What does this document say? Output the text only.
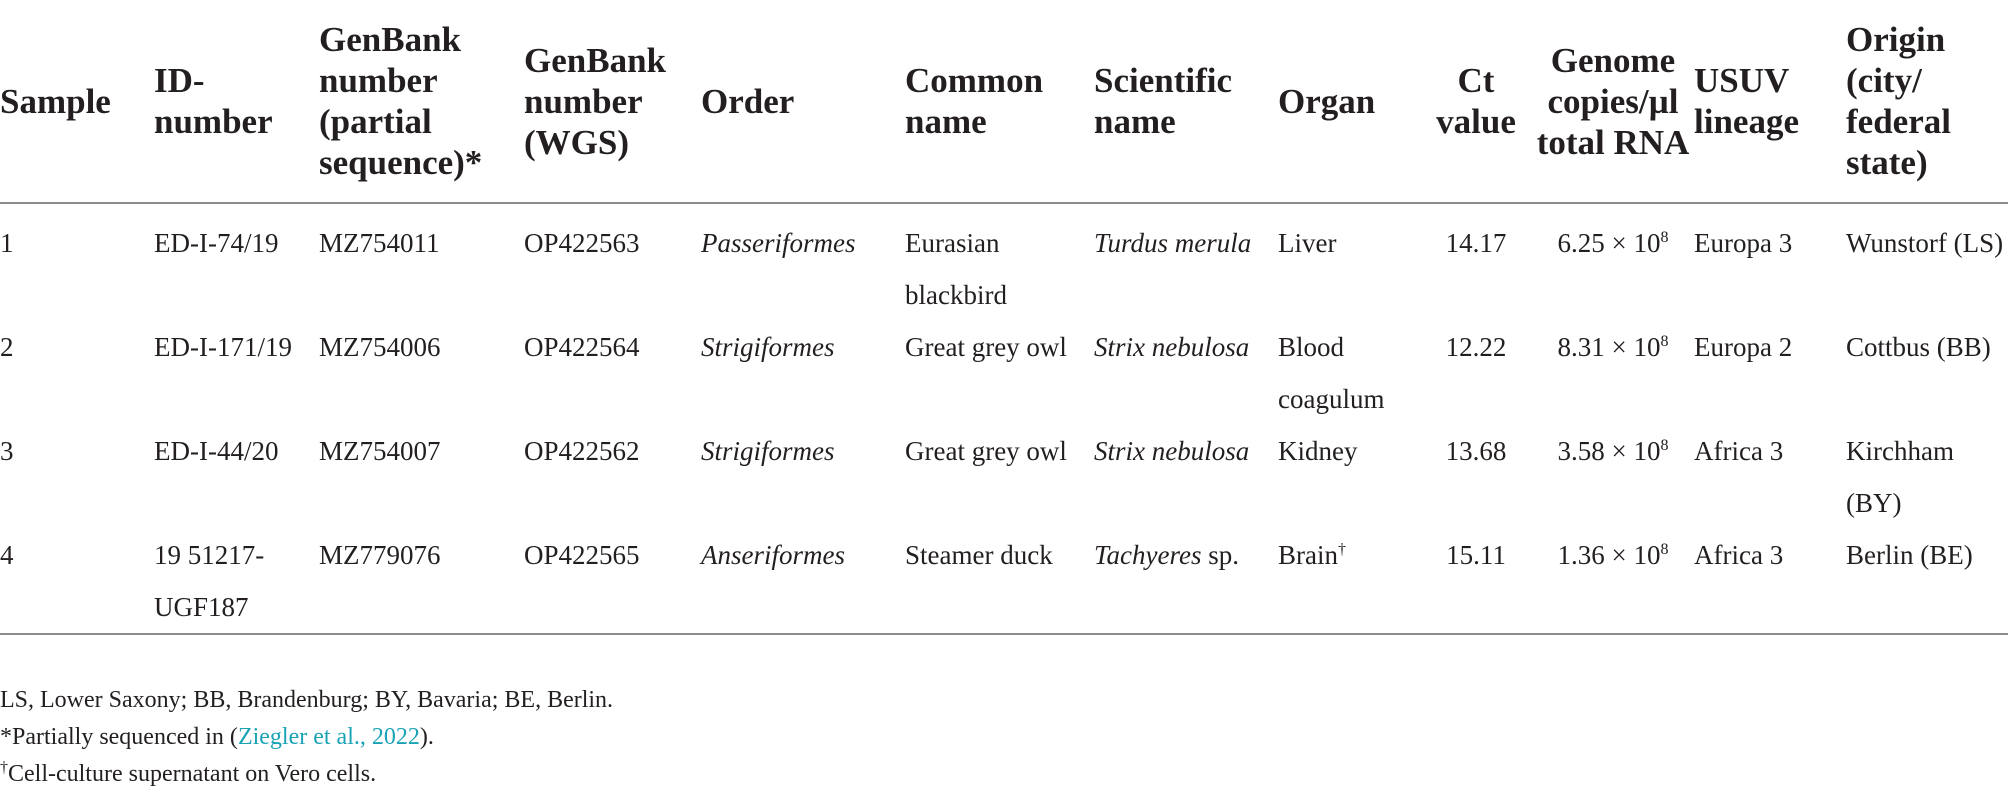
Sample	ID-number	GenBank number (partial sequence)*	GenBank number (WGS)	Order	Common name	Scientific name	Organ	Ct value	Genome copies/µl total RNA	USUV lineage	Origin (city/ federal state)
1	ED-I-74/19	MZ754011	OP422563	Passeriformes	Eurasian blackbird	Turdus merula	Liver	14.17	$6.25 \times 10^8$	Europa 3	Wunstorf (LS)
2	ED-I-171/19	MZ754006	OP422564	Strigiformes	Great grey owl	Strix nebulosa	Blood coagulum	12.22	$8.31 \times 10^8$	Europa 2	Cottbus (BB)
3	ED-I-44/20	MZ754007	OP422562	Strigiformes	Great grey owl	Strix nebulosa	Kidney	13.68	$3.58 \times 10^8$	Africa 3	Kirchham (BY)
4	19 51217-UGF187	MZ779076	OP422565	Anseriformes	Steamer duck	Tachyeres sp.	Brain†	15.11	$1.36 \times 10^8$	Africa 3	Berlin (BE)

LS, Lower Saxony; BB, Brandenburg; BY, Bavaria; BE, Berlin.

*Partially sequenced in (Ziegler et al., 2022).

†Cell-culture supernatant on Vero cells.
